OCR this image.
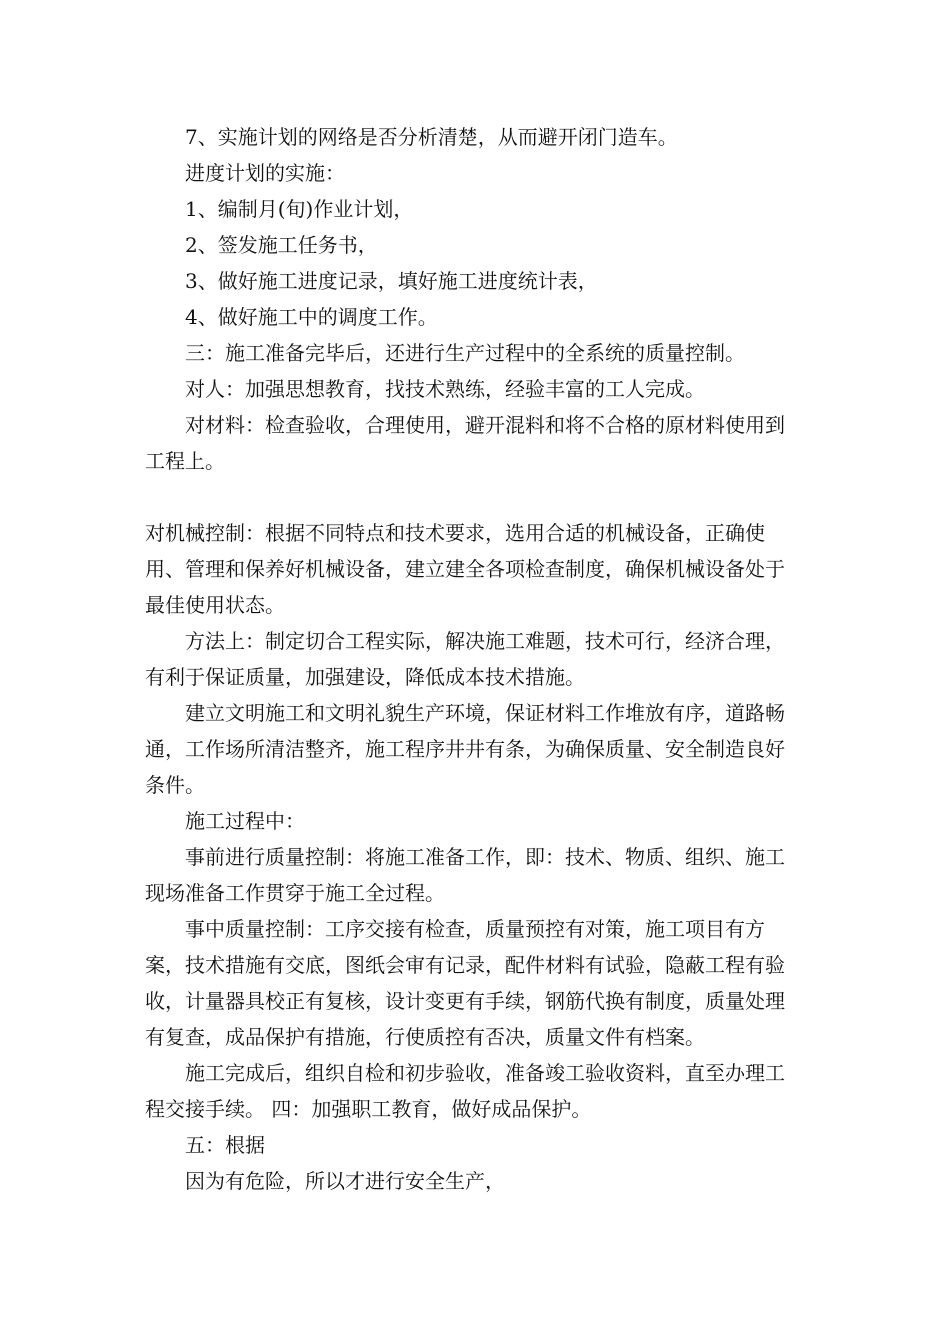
7、实施计划的网络是否分析清楚，从而避开闭门造车。

进度计划的实施：

1、编制月(旬)作业计划，

2、签发施工任务书，

3、做好施工进度记录，填好施工进度统计表，

4、做好施工中的调度工作。

三：施工准备完毕后，还进行生产过程中的全系统的质量控制。

对人：加强思想教育，找技术熟练，经验丰富的工人完成。

对材料：检查验收，合理使用，避开混料和将不合格的原材料使用到工程上。

对机械控制：根据不同特点和技术要求，选用合适的机械设备，正确使用、管理和保养好机械设备，建立建全各项检查制度，确保机械设备处于最佳使用状态。

方法上：制定切合工程实际，解决施工难题，技术可行，经济合理，有利于保证质量，加强建设，降低成本技术措施。

建立文明施工和文明礼貌生产环境，保证材料工作堆放有序，道路畅通，工作场所清洁整齐，施工程序井井有条，为确保质量、安全制造良好条件。

施工过程中：

事前进行质量控制：将施工准备工作，即：技术、物质、组织、施工现场准备工作贯穿于施工全过程。

事中质量控制：工序交接有检查，质量预控有对策，施工项目有方案，技术措施有交底，图纸会审有记录，配件材料有试验，隐蔽工程有验收，计量器具校正有复核，设计变更有手续，钢筋代换有制度，质量处理有复查，成品保护有措施，行使质控有否决，质量文件有档案。

施工完成后，组织自检和初步验收，准备竣工验收资料，直至办理工程交接手续。 四：加强职工教育，做好成品保护。

五：根据

因为有危险，所以才进行安全生产，
